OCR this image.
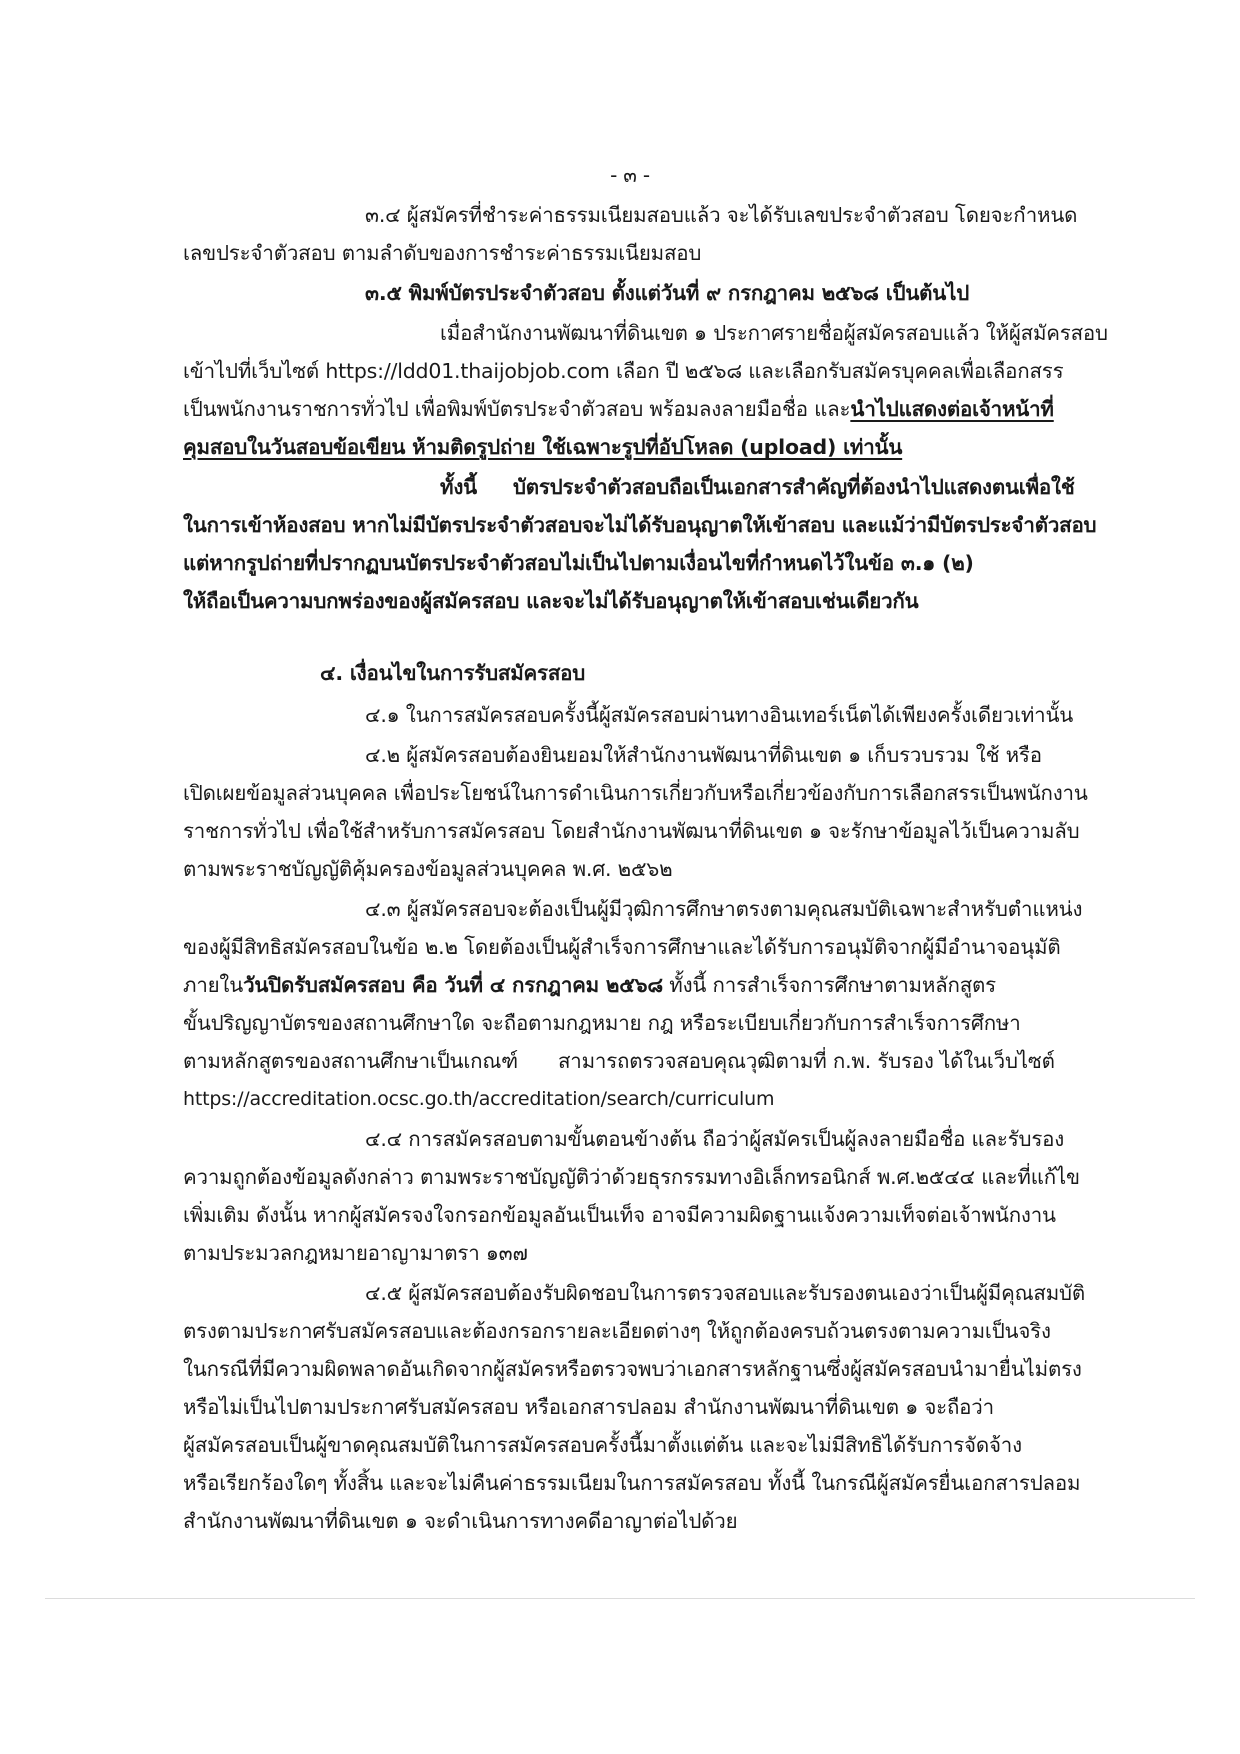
- ๓ -
๓.๔ ผู้สมัครที่ชำระค่าธรรมเนียมสอบแล้ว จะได้รับเลขประจำตัวสอบ โดยจะกำหนด
เลขประจำตัวสอบ ตามลำดับของการชำระค่าธรรมเนียมสอบ
๓.๕ พิมพ์บัตรประจำตัวสอบ ตั้งแต่วันที่ ๙ กรกฎาคม ๒๕๖๘ เป็นต้นไป
เมื่อสำนักงานพัฒนาที่ดินเขต ๑ ประกาศรายชื่อผู้สมัครสอบแล้ว ให้ผู้สมัครสอบ
เข้าไปที่เว็บไซต์ https://ldd01.thaijobjob.com เลือก ปี ๒๕๖๘ และเลือกรับสมัครบุคคลเพื่อเลือกสรร
เป็นพนักงานราชการทั่วไป เพื่อพิมพ์บัตรประจำตัวสอบ พร้อมลงลายมือชื่อ และนำไปแสดงต่อเจ้าหน้าที่
คุมสอบในวันสอบข้อเขียน ห้ามติดรูปถ่าย ใช้เฉพาะรูปที่อัปโหลด (upload) เท่านั้น
ทั้งนี้ บัตรประจำตัวสอบถือเป็นเอกสารสำคัญที่ต้องนำไปแสดงตนเพื่อใช้
ในการเข้าห้องสอบ หากไม่มีบัตรประจำตัวสอบจะไม่ได้รับอนุญาตให้เข้าสอบ และแม้ว่ามีบัตรประจำตัวสอบ
แต่หากรูปถ่ายที่ปรากฏบนบัตรประจำตัวสอบไม่เป็นไปตามเงื่อนไขที่กำหนดไว้ในข้อ ๓.๑ (๒)
ให้ถือเป็นความบกพร่องของผู้สมัครสอบ และจะไม่ได้รับอนุญาตให้เข้าสอบเช่นเดียวกัน
๔. เงื่อนไขในการรับสมัครสอบ
๔.๑ ในการสมัครสอบครั้งนี้ผู้สมัครสอบผ่านทางอินเทอร์เน็ตได้เพียงครั้งเดียวเท่านั้น
๔.๒ ผู้สมัครสอบต้องยินยอมให้สำนักงานพัฒนาที่ดินเขต ๑ เก็บรวบรวม ใช้ หรือ
เปิดเผยข้อมูลส่วนบุคคล เพื่อประโยชน์ในการดำเนินการเกี่ยวกับหรือเกี่ยวข้องกับการเลือกสรรเป็นพนักงาน
ราชการทั่วไป เพื่อใช้สำหรับการสมัครสอบ โดยสำนักงานพัฒนาที่ดินเขต ๑ จะรักษาข้อมูลไว้เป็นความลับ
ตามพระราชบัญญัติคุ้มครองข้อมูลส่วนบุคคล พ.ศ. ๒๕๖๒
๔.๓ ผู้สมัครสอบจะต้องเป็นผู้มีวุฒิการศึกษาตรงตามคุณสมบัติเฉพาะสำหรับตำแหน่ง
ของผู้มีสิทธิสมัครสอบในข้อ ๒.๒ โดยต้องเป็นผู้สำเร็จการศึกษาและได้รับการอนุมัติจากผู้มีอำนาจอนุมัติ
ภายในวันปิดรับสมัครสอบ คือ วันที่ ๔ กรกฎาคม ๒๕๖๘ ทั้งนี้ การสำเร็จการศึกษาตามหลักสูตร
ขั้นปริญญาบัตรของสถานศึกษาใด จะถือตามกฎหมาย กฎ หรือระเบียบเกี่ยวกับการสำเร็จการศึกษา
ตามหลักสูตรของสถานศึกษาเป็นเกณฑ์ สามารถตรวจสอบคุณวุฒิตามที่ ก.พ. รับรอง ได้ในเว็บไซต์
https://accreditation.ocsc.go.th/accreditation/search/curriculum
๔.๔ การสมัครสอบตามขั้นตอนข้างต้น ถือว่าผู้สมัครเป็นผู้ลงลายมือชื่อ และรับรอง
ความถูกต้องข้อมูลดังกล่าว ตามพระราชบัญญัติว่าด้วยธุรกรรมทางอิเล็กทรอนิกส์ พ.ศ.๒๕๔๔ และที่แก้ไข
เพิ่มเติม ดังนั้น หากผู้สมัครจงใจกรอกข้อมูลอันเป็นเท็จ อาจมีความผิดฐานแจ้งความเท็จต่อเจ้าพนักงาน
ตามประมวลกฎหมายอาญามาตรา ๑๓๗
๔.๕ ผู้สมัครสอบต้องรับผิดชอบในการตรวจสอบและรับรองตนเองว่าเป็นผู้มีคุณสมบัติ
ตรงตามประกาศรับสมัครสอบและต้องกรอกรายละเอียดต่างๆ ให้ถูกต้องครบถ้วนตรงตามความเป็นจริง
ในกรณีที่มีความผิดพลาดอันเกิดจากผู้สมัครหรือตรวจพบว่าเอกสารหลักฐานซึ่งผู้สมัครสอบนำมายื่นไม่ตรง
หรือไม่เป็นไปตามประกาศรับสมัครสอบ หรือเอกสารปลอม สำนักงานพัฒนาที่ดินเขต ๑ จะถือว่า
ผู้สมัครสอบเป็นผู้ขาดคุณสมบัติในการสมัครสอบครั้งนี้มาตั้งแต่ต้น และจะไม่มีสิทธิได้รับการจัดจ้าง
หรือเรียกร้องใดๆ ทั้งสิ้น และจะไม่คืนค่าธรรมเนียมในการสมัครสอบ ทั้งนี้ ในกรณีผู้สมัครยื่นเอกสารปลอม
สำนักงานพัฒนาที่ดินเขต ๑ จะดำเนินการทางคดีอาญาต่อไปด้วย
